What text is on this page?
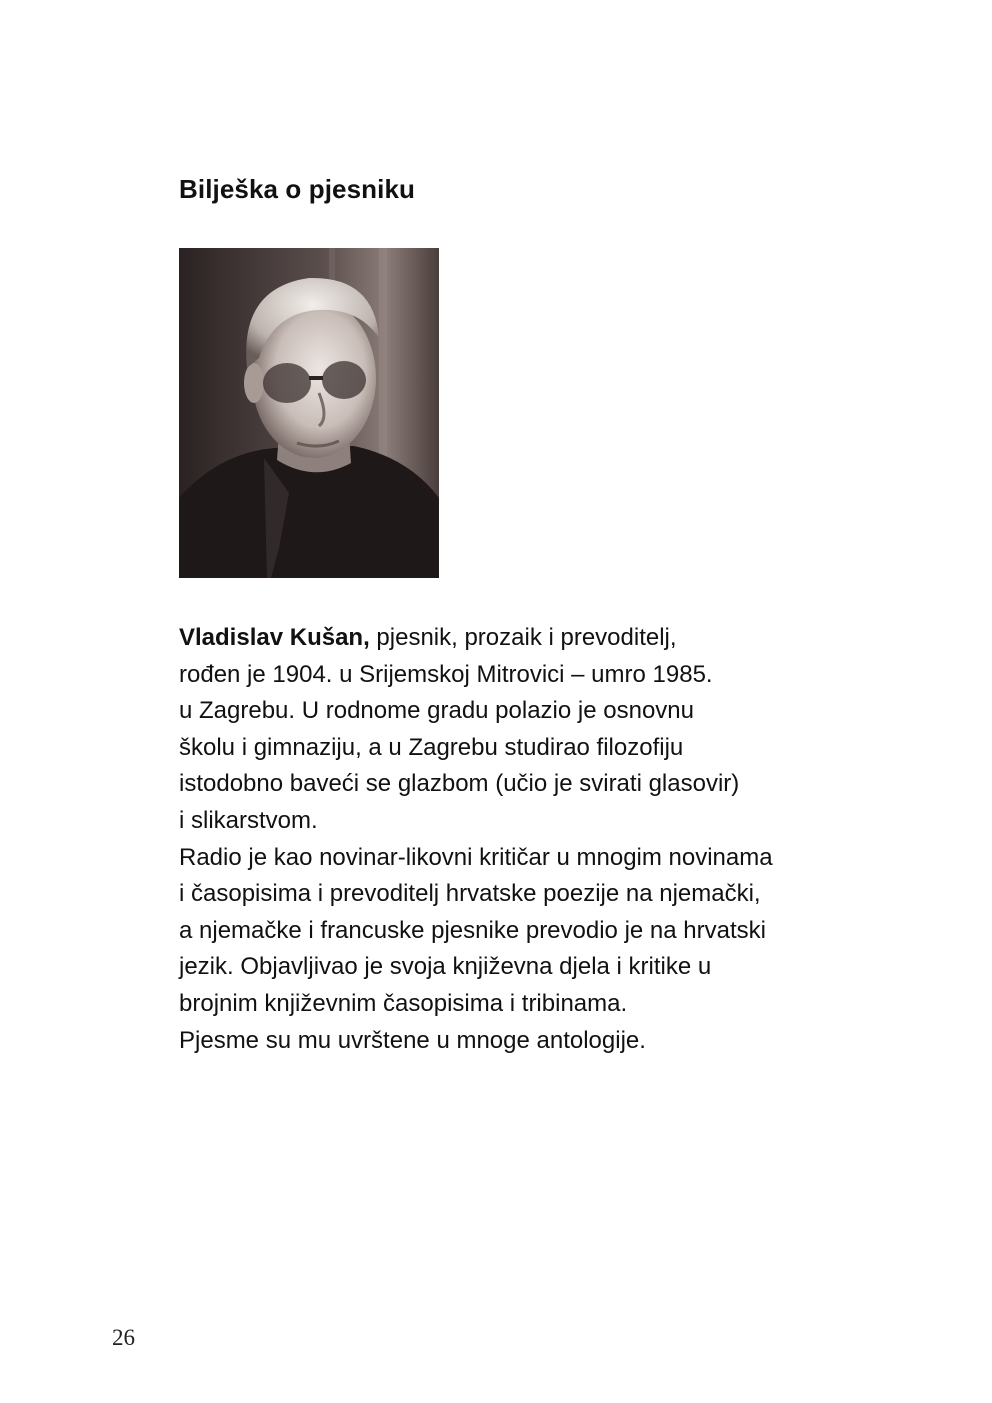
Bilješka o pjesniku

Vladislav Kušan, pjesnik, prozaik i prevoditelj,

rođen je 1904. u Srijemskoj Mitrovici – umro 1985.

u Zagrebu. U rodnome gradu polazio je osnovnu

školu i gimnaziju, a u Zagrebu studirao filozofiju

istodobno baveći se glazbom (učio je svirati glasovir)

i slikarstvom.

Radio je kao novinar-likovni kritičar u mnogim novinama

i časopisima i prevoditelj hrvatske poezije na njemački,

a njemačke i francuske pjesnike prevodio je na hrvatski

jezik. Objavljivao je svoja književna djela i kritike u

brojnim književnim časopisima i tribinama.

Pjesme su mu uvrštene u mnoge antologije.

26
